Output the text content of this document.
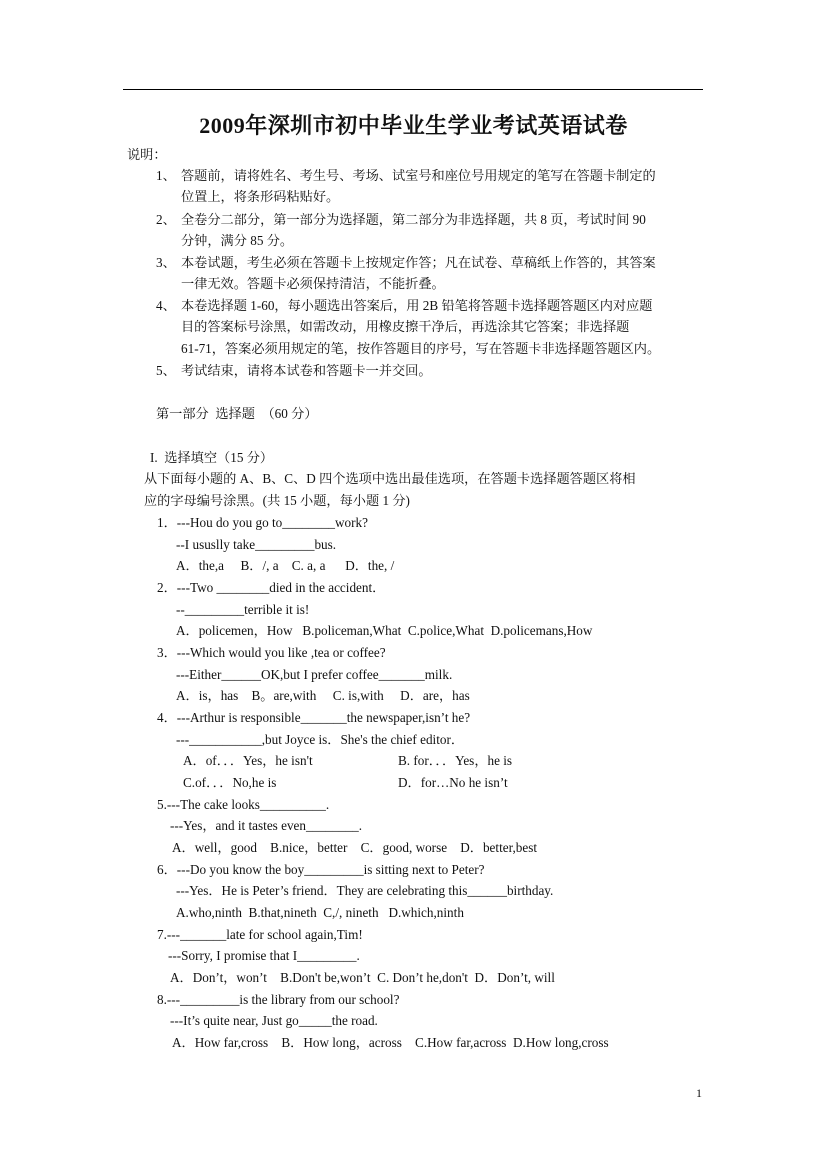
2009年深圳市初中毕业生学业考试英语试卷
说明：
1、 答题前，请将姓名、考生号、考场、试室号和座位号用规定的笔写在答题卡制定的
位置上，将条形码粘贴好。
2、 全卷分二部分，第一部分为选择题，第二部分为非选择题，共 8 页，考试时间 90
分钟，满分 85 分。
3、 本卷试题，考生必须在答题卡上按规定作答；凡在试卷、草稿纸上作答的，其答案
一律无效。答题卡必须保持清洁，不能折叠。
4、 本卷选择题 1-60，每小题选出答案后，用 2B 铅笔将答题卡选择题答题区内对应题
目的答案标号涂黑，如需改动，用橡皮擦干净后，再选涂其它答案；非选择题
61-71，答案必须用规定的笔，按作答题目的序号，写在答题卡非选择题答题区内。
5、 考试结束，请将本试卷和答题卡一并交回。
第一部分  选择题  （60 分）
I.  选择填空（15 分）
从下面每小题的 A、B、C、D 四个选项中选出最佳选项，在答题卡选择题答题区将相
应的字母编号涂黑。(共 15 小题，每小题 1 分)
1．---Hou do you go to________work?
--I ususlly take_________bus.
A．the,a     B．/, a    C. a, a      D．the, /
2．---Two ________died in the accident．
--_________terrible it is!
A．policemen，How   B.policeman,What  C.police,What  D.policemans,How
3．---Which would you like ,tea or coffee?
---Either______OK,but I prefer coffee_______milk.
A．is，has    B。are,with     C. is,with     D．are，has
4．---Arthur is responsible_______the newspaper,isn’t he?
---___________,but Joyce is．She's the chief editor．
A．of．．．Yes，he isn't	B. for．．．Yes，he is
C.of．．．No,he is	D．for…No he isn’t
5.---The cake looks__________.
---Yes，and it tastes even________.
A．well，good    B.nice，better    C．good, worse    D．better,best
6．---Do you know the boy_________is sitting next to Peter?
---Yes．He is Peter’s friend．They are celebrating this______birthday.
A.who,ninth  B.that,nineth  C,/, nineth   D.which,ninth
7.---_______late for school again,Tim!
---Sorry, I promise that I_________.
A．Don’t，won’t    B.Don't be,won’t  C. Don’t he,don't  D．Don’t, will
8.---_________is the library from our school?
---It’s quite near, Just go_____the road.
A．How far,cross    B．How long，across    C.How far,across  D.How long,cross
1
